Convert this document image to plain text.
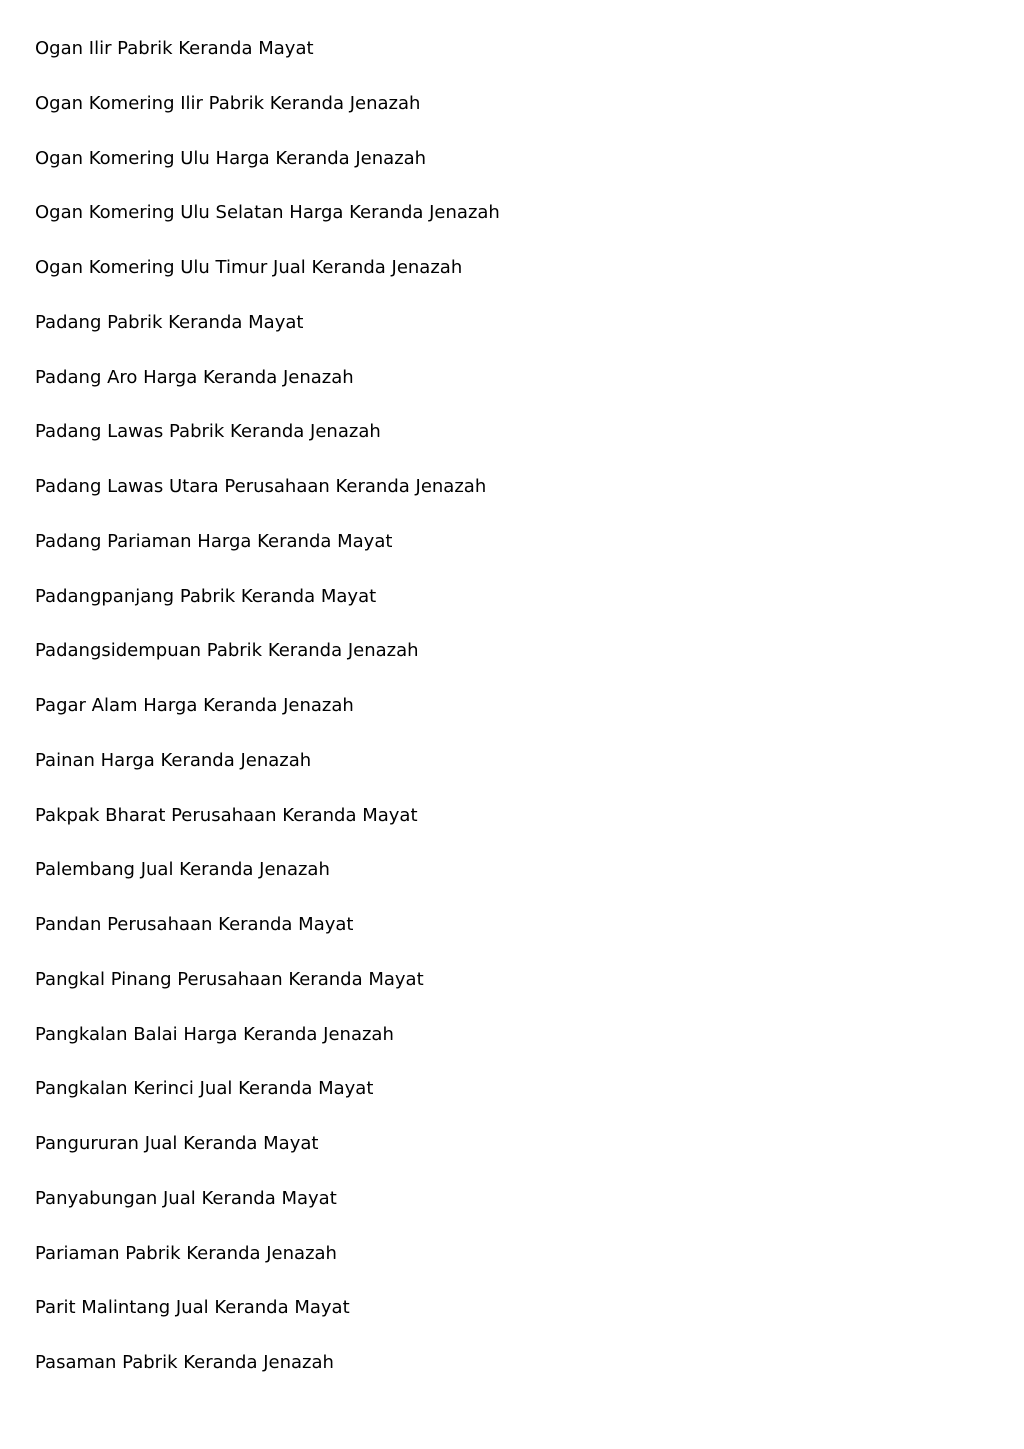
Ogan Ilir Pabrik Keranda Mayat
Ogan Komering Ilir Pabrik Keranda Jenazah
Ogan Komering Ulu Harga Keranda Jenazah
Ogan Komering Ulu Selatan Harga Keranda Jenazah
Ogan Komering Ulu Timur Jual Keranda Jenazah
Padang Pabrik Keranda Mayat
Padang Aro Harga Keranda Jenazah
Padang Lawas Pabrik Keranda Jenazah
Padang Lawas Utara Perusahaan Keranda Jenazah
Padang Pariaman Harga Keranda Mayat
Padangpanjang Pabrik Keranda Mayat
Padangsidempuan Pabrik Keranda Jenazah
Pagar Alam Harga Keranda Jenazah
Painan Harga Keranda Jenazah
Pakpak Bharat Perusahaan Keranda Mayat
Palembang Jual Keranda Jenazah
Pandan Perusahaan Keranda Mayat
Pangkal Pinang Perusahaan Keranda Mayat
Pangkalan Balai Harga Keranda Jenazah
Pangkalan Kerinci Jual Keranda Mayat
Pangururan Jual Keranda Mayat
Panyabungan Jual Keranda Mayat
Pariaman Pabrik Keranda Jenazah
Parit Malintang Jual Keranda Mayat
Pasaman Pabrik Keranda Jenazah
